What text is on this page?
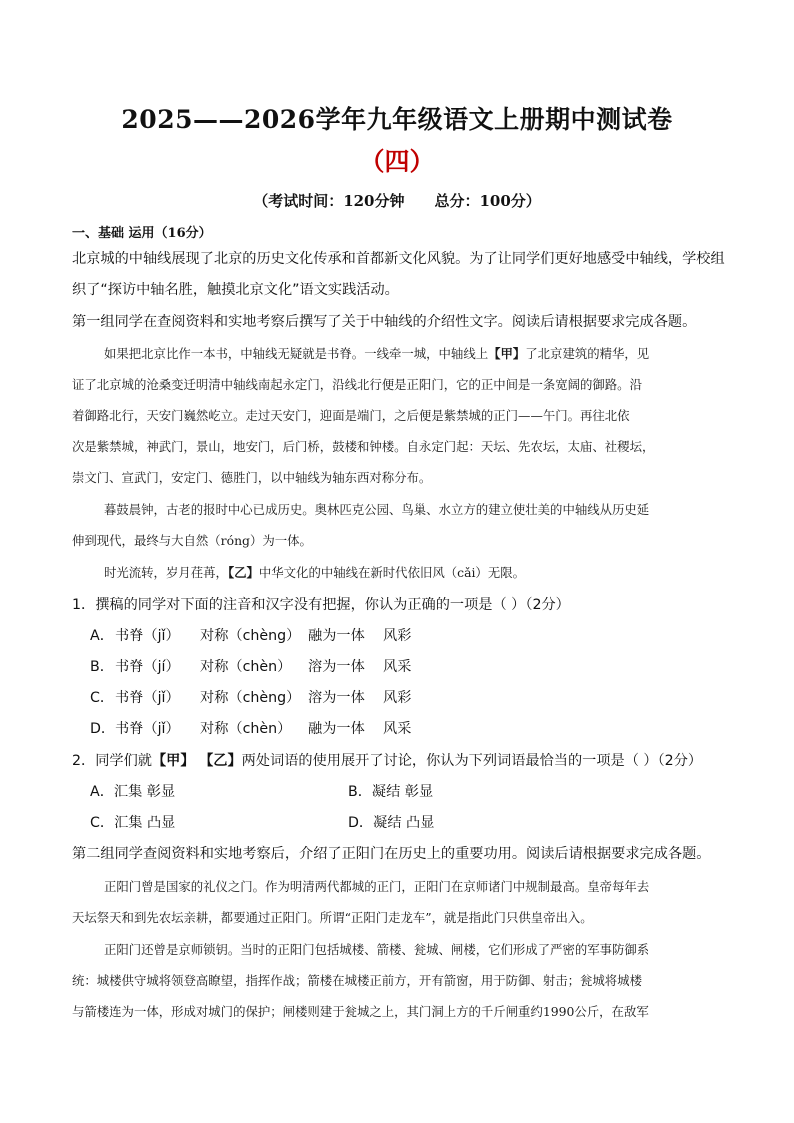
2025——2026学年九年级语文上册期中测试卷
（四）
（考试时间：120分钟 总分：100分）
一、基础 运用（16分）
北京城的中轴线展现了北京的历史文化传承和首都新文化风貌。为了让同学们更好地感受中轴线，学校组
织了“探访中轴名胜，触摸北京文化”语文实践活动。
第一组同学在查阅资料和实地考察后撰写了关于中轴线的介绍性文字。阅读后请根据要求完成各题。
如果把北京比作一本书，中轴线无疑就是书脊。一线牵一城，中轴线上【甲】了北京建筑的精华，见
证了北京城的沧桑变迁明清中轴线南起永定门，沿线北行便是正阳门，它的正中间是一条宽阔的御路。沿
着御路北行，天安门巍然屹立。走过天安门，迎面是端门，之后便是紫禁城的正门——午门。再往北依
次是紫禁城，神武门，景山，地安门，后门桥，鼓楼和钟楼。自永定门起：天坛、先农坛，太庙、社稷坛，
崇文门、宣武门，安定门、德胜门，以中轴线为轴东西对称分布。
暮鼓晨钟，古老的报时中心已成历史。奥林匹克公园、鸟巢、水立方的建立使壮美的中轴线从历史延
伸到现代，最终与大自然（róng）为一体。
时光流转，岁月荏苒，【乙】中华文化的中轴线在新时代依旧风（cǎi）无限。
1．撰稿的同学对下面的注音和汉字没有把握，你认为正确的一项是（ ）（2分）
A． 书脊（jǐ） 对称（chèng） 融为一体 风彩
B． 书脊（jí） 对称（chèn） 溶为一体 风采
C． 书脊（jǐ） 对称（chèng） 溶为一体 风彩
D． 书脊（jǐ） 对称（chèn） 融为一体 风采
2．同学们就【甲】 【乙】两处词语的使用展开了讨论，你认为下列词语最恰当的一项是（ ）（2分）
A．汇集 彰显	B．凝结 彰显
C．汇集 凸显	D．凝结 凸显
第二组同学查阅资料和实地考察后，介绍了正阳门在历史上的重要功用。阅读后请根据要求完成各题。
正阳门曾是国家的礼仪之门。作为明清两代都城的正门，正阳门在京师诸门中规制最高。皇帝每年去
天坛祭天和到先农坛亲耕，都要通过正阳门。所谓“正阳门走龙车”，就是指此门只供皇帝出入。
正阳门还曾是京师锁钥。当时的正阳门包括城楼、箭楼、瓮城、闸楼，它们形成了严密的军事防御系
统：城楼供守城将领登高瞭望，指挥作战；箭楼在城楼正前方，开有箭窗，用于防御、射击；瓮城将城楼
与箭楼连为一体，形成对城门的保护；闸楼则建于瓮城之上，其门洞上方的千斤闸重约1990公斤，在敌军
